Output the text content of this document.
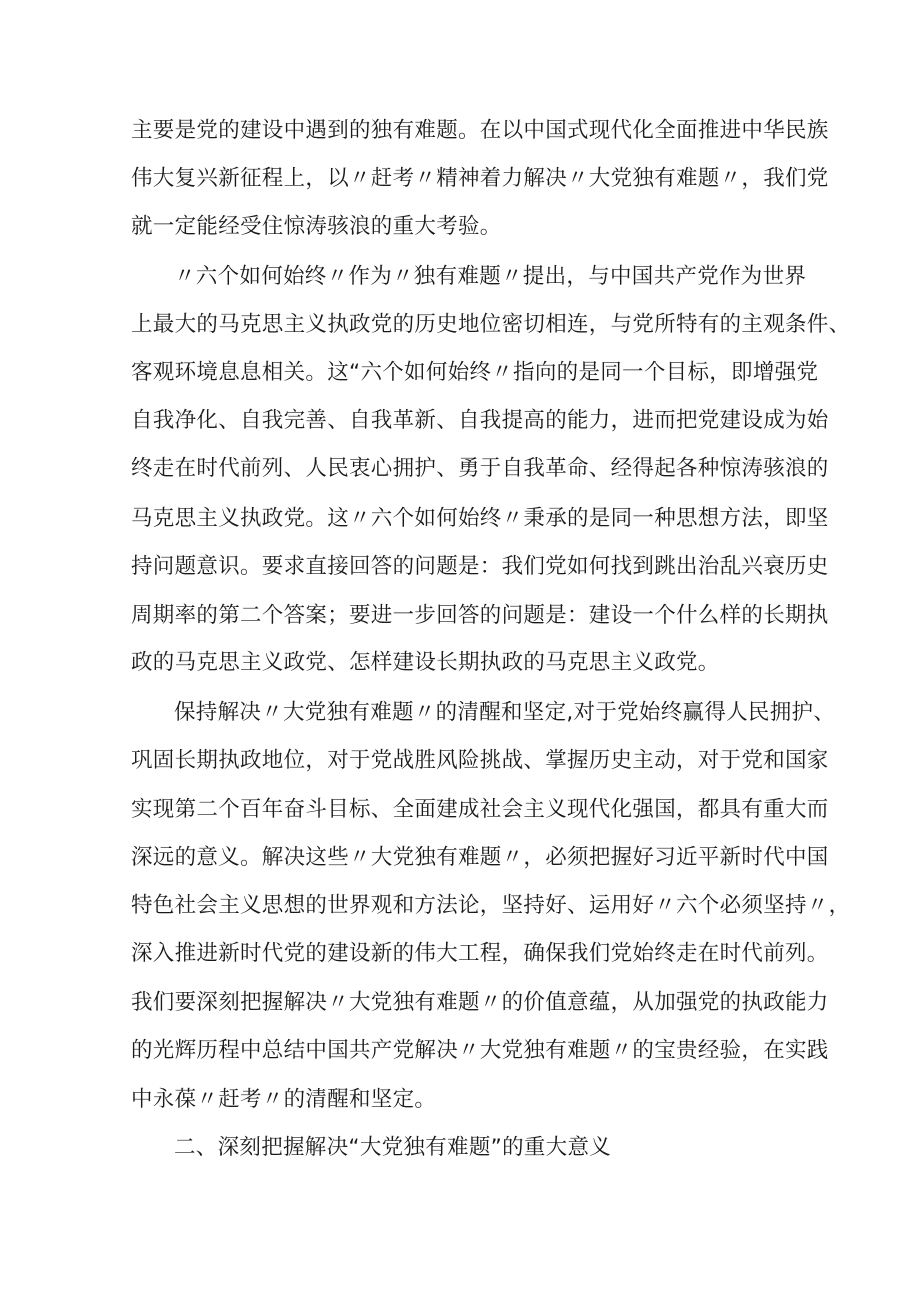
主要是党的建设中遇到的独有难题。在以中国式现代化全面推进中华民族
伟大复兴新征程上，以〃赶考〃精神着力解决〃大党独有难题〃，我们党
就一定能经受住惊涛骇浪的重大考验。
〃六个如何始终〃作为〃独有难题〃提出，与中国共产党作为世界
上最大的马克思主义执政党的历史地位密切相连，与党所特有的主观条件、
客观环境息息相关。这“六个如何始终〃指向的是同一个目标，即增强党
自我净化、自我完善、自我革新、自我提高的能力，进而把党建设成为始
终走在时代前列、人民衷心拥护、勇于自我革命、经得起各种惊涛骇浪的
马克思主义执政党。这〃六个如何始终〃秉承的是同一种思想方法，即坚
持问题意识。要求直接回答的问题是：我们党如何找到跳出治乱兴衰历史
周期率的第二个答案；要进一步回答的问题是：建设一个什么样的长期执
政的马克思主义政党、怎样建设长期执政的马克思主义政党。
保持解决〃大党独有难题〃的清醒和坚定,对于党始终赢得人民拥护、
巩固长期执政地位，对于党战胜风险挑战、掌握历史主动，对于党和国家
实现第二个百年奋斗目标、全面建成社会主义现代化强国，都具有重大而
深远的意义。解决这些〃大党独有难题〃，必须把握好习近平新时代中国
特色社会主义思想的世界观和方法论，坚持好、运用好〃六个必须坚持〃，
深入推进新时代党的建设新的伟大工程，确保我们党始终走在时代前列。
我们要深刻把握解决〃大党独有难题〃的价值意蕴，从加强党的执政能力
的光辉历程中总结中国共产党解决〃大党独有难题〃的宝贵经验，在实践
中永葆〃赶考〃的清醒和坚定。
二、深刻把握解决“大党独有难题”的重大意义
